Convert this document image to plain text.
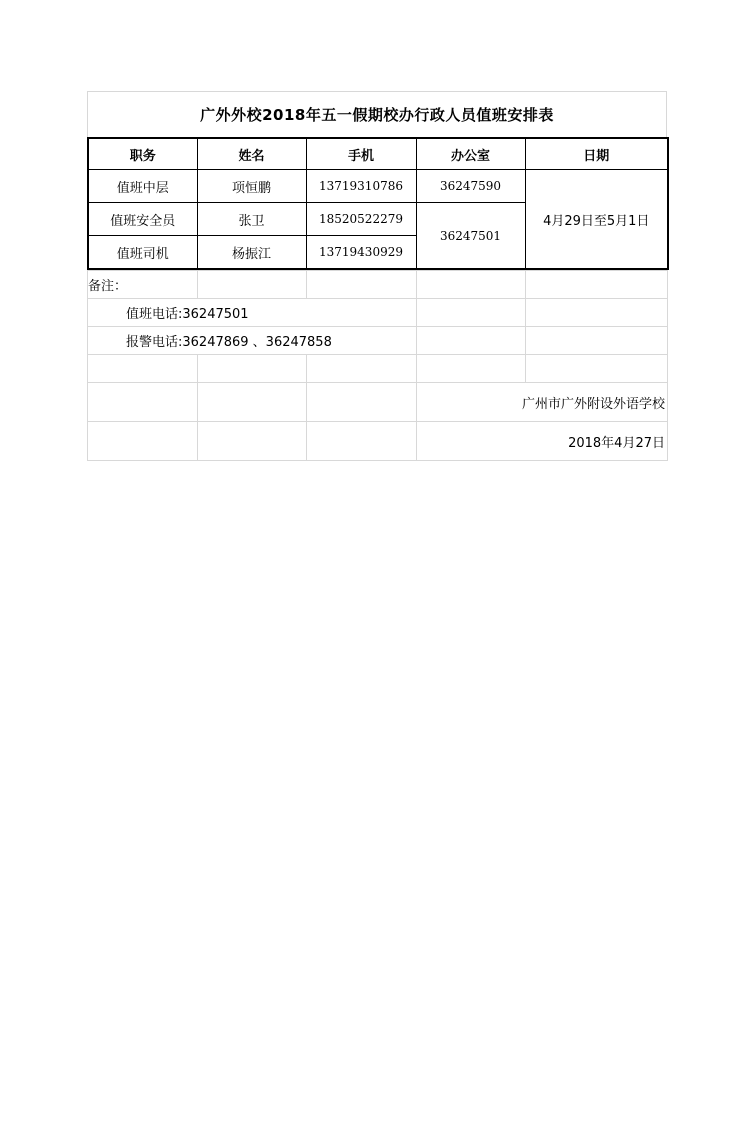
广外外校2018年五一假期校办行政人员值班安排表
职务	姓名	手机	办公室	日期
值班中层	项恒鹏	13719310786	36247590	4月29日至5月1日
值班安全员	张卫	18520522279	36247501	
值班司机	杨振江	13719430929		
备注：				
值班电话:36247501				
报警电话:36247869 、36247858				

			广州市广外附设外语学校	
			2018年4月27日	
